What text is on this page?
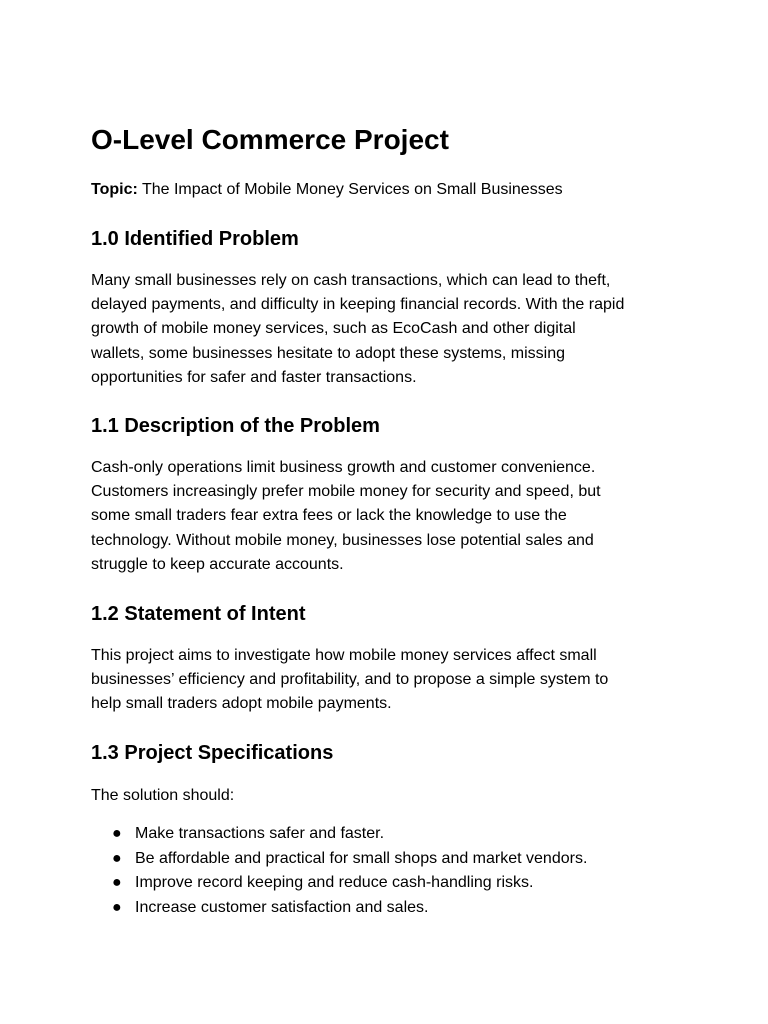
O-Level Commerce Project
Topic: The Impact of Mobile Money Services on Small Businesses
1.0 Identified Problem

Many small businesses rely on cash transactions, which can lead to theft,
delayed payments, and difficulty in keeping financial records. With the rapid
growth of mobile money services, such as EcoCash and other digital
wallets, some businesses hesitate to adopt these systems, missing
opportunities for safer and faster transactions.

1.1 Description of the Problem

Cash-only operations limit business growth and customer convenience.
Customers increasingly prefer mobile money for security and speed, but
some small traders fear extra fees or lack the knowledge to use the
technology. Without mobile money, businesses lose potential sales and
struggle to keep accurate accounts.

1.2 Statement of Intent

This project aims to investigate how mobile money services affect small
businesses’ efficiency and profitability, and to propose a simple system to
help small traders adopt mobile payments.

1.3 Project Specifications

The solution should:

● Make transactions safer and faster.
● Be affordable and practical for small shops and market vendors.
● Improve record keeping and reduce cash-handling risks.
● Increase customer satisfaction and sales.
